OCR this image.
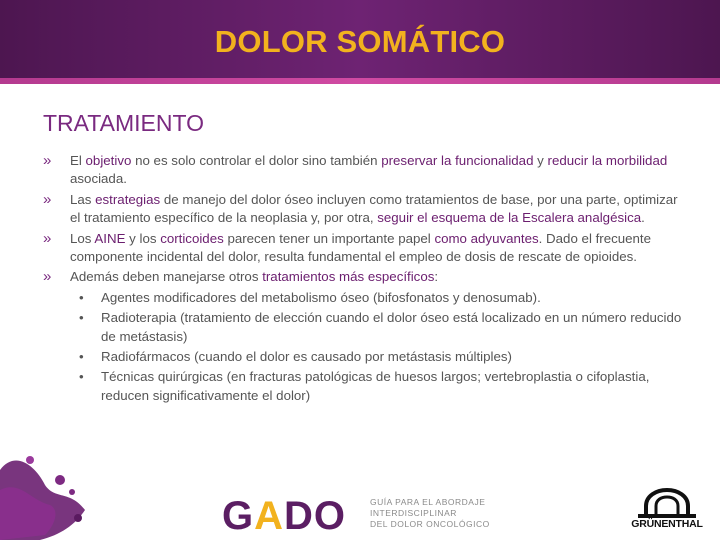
DOLOR SOMÁTICO
TRATAMIENTO
» El objetivo no es solo controlar el dolor sino también preservar la funcionalidad y reducir la morbilidad asociada.
» Las estrategias de manejo del dolor óseo incluyen como tratamientos de base, por una parte, optimizar el tratamiento específico de la neoplasia y, por otra, seguir el esquema de la Escalera analgésica.
» Los AINE y los corticoides parecen tener un importante papel como adyuvantes. Dado el frecuente componente incidental del dolor, resulta fundamental el empleo de dosis de rescate de opioides.
» Además deben manejarse otros tratamientos más específicos:
• Agentes modificadores del metabolismo óseo (bifosfonatos y denosumab).
• Radioterapia (tratamiento de elección cuando el dolor óseo está localizado en un número reducido de metástasis)
• Radiofármacos (cuando el dolor es causado por metástasis múltiples)
• Técnicas quirúrgicas (en fracturas patológicas de huesos largos; vertebroplastia o cifoplastia, reducen significativamente el dolor)
GADO	GUÍA PARA EL ABORDAJE
INTERDISCIPLINAR
DEL DOLOR ONCOLÓGICO	GRÜNENTHAL
